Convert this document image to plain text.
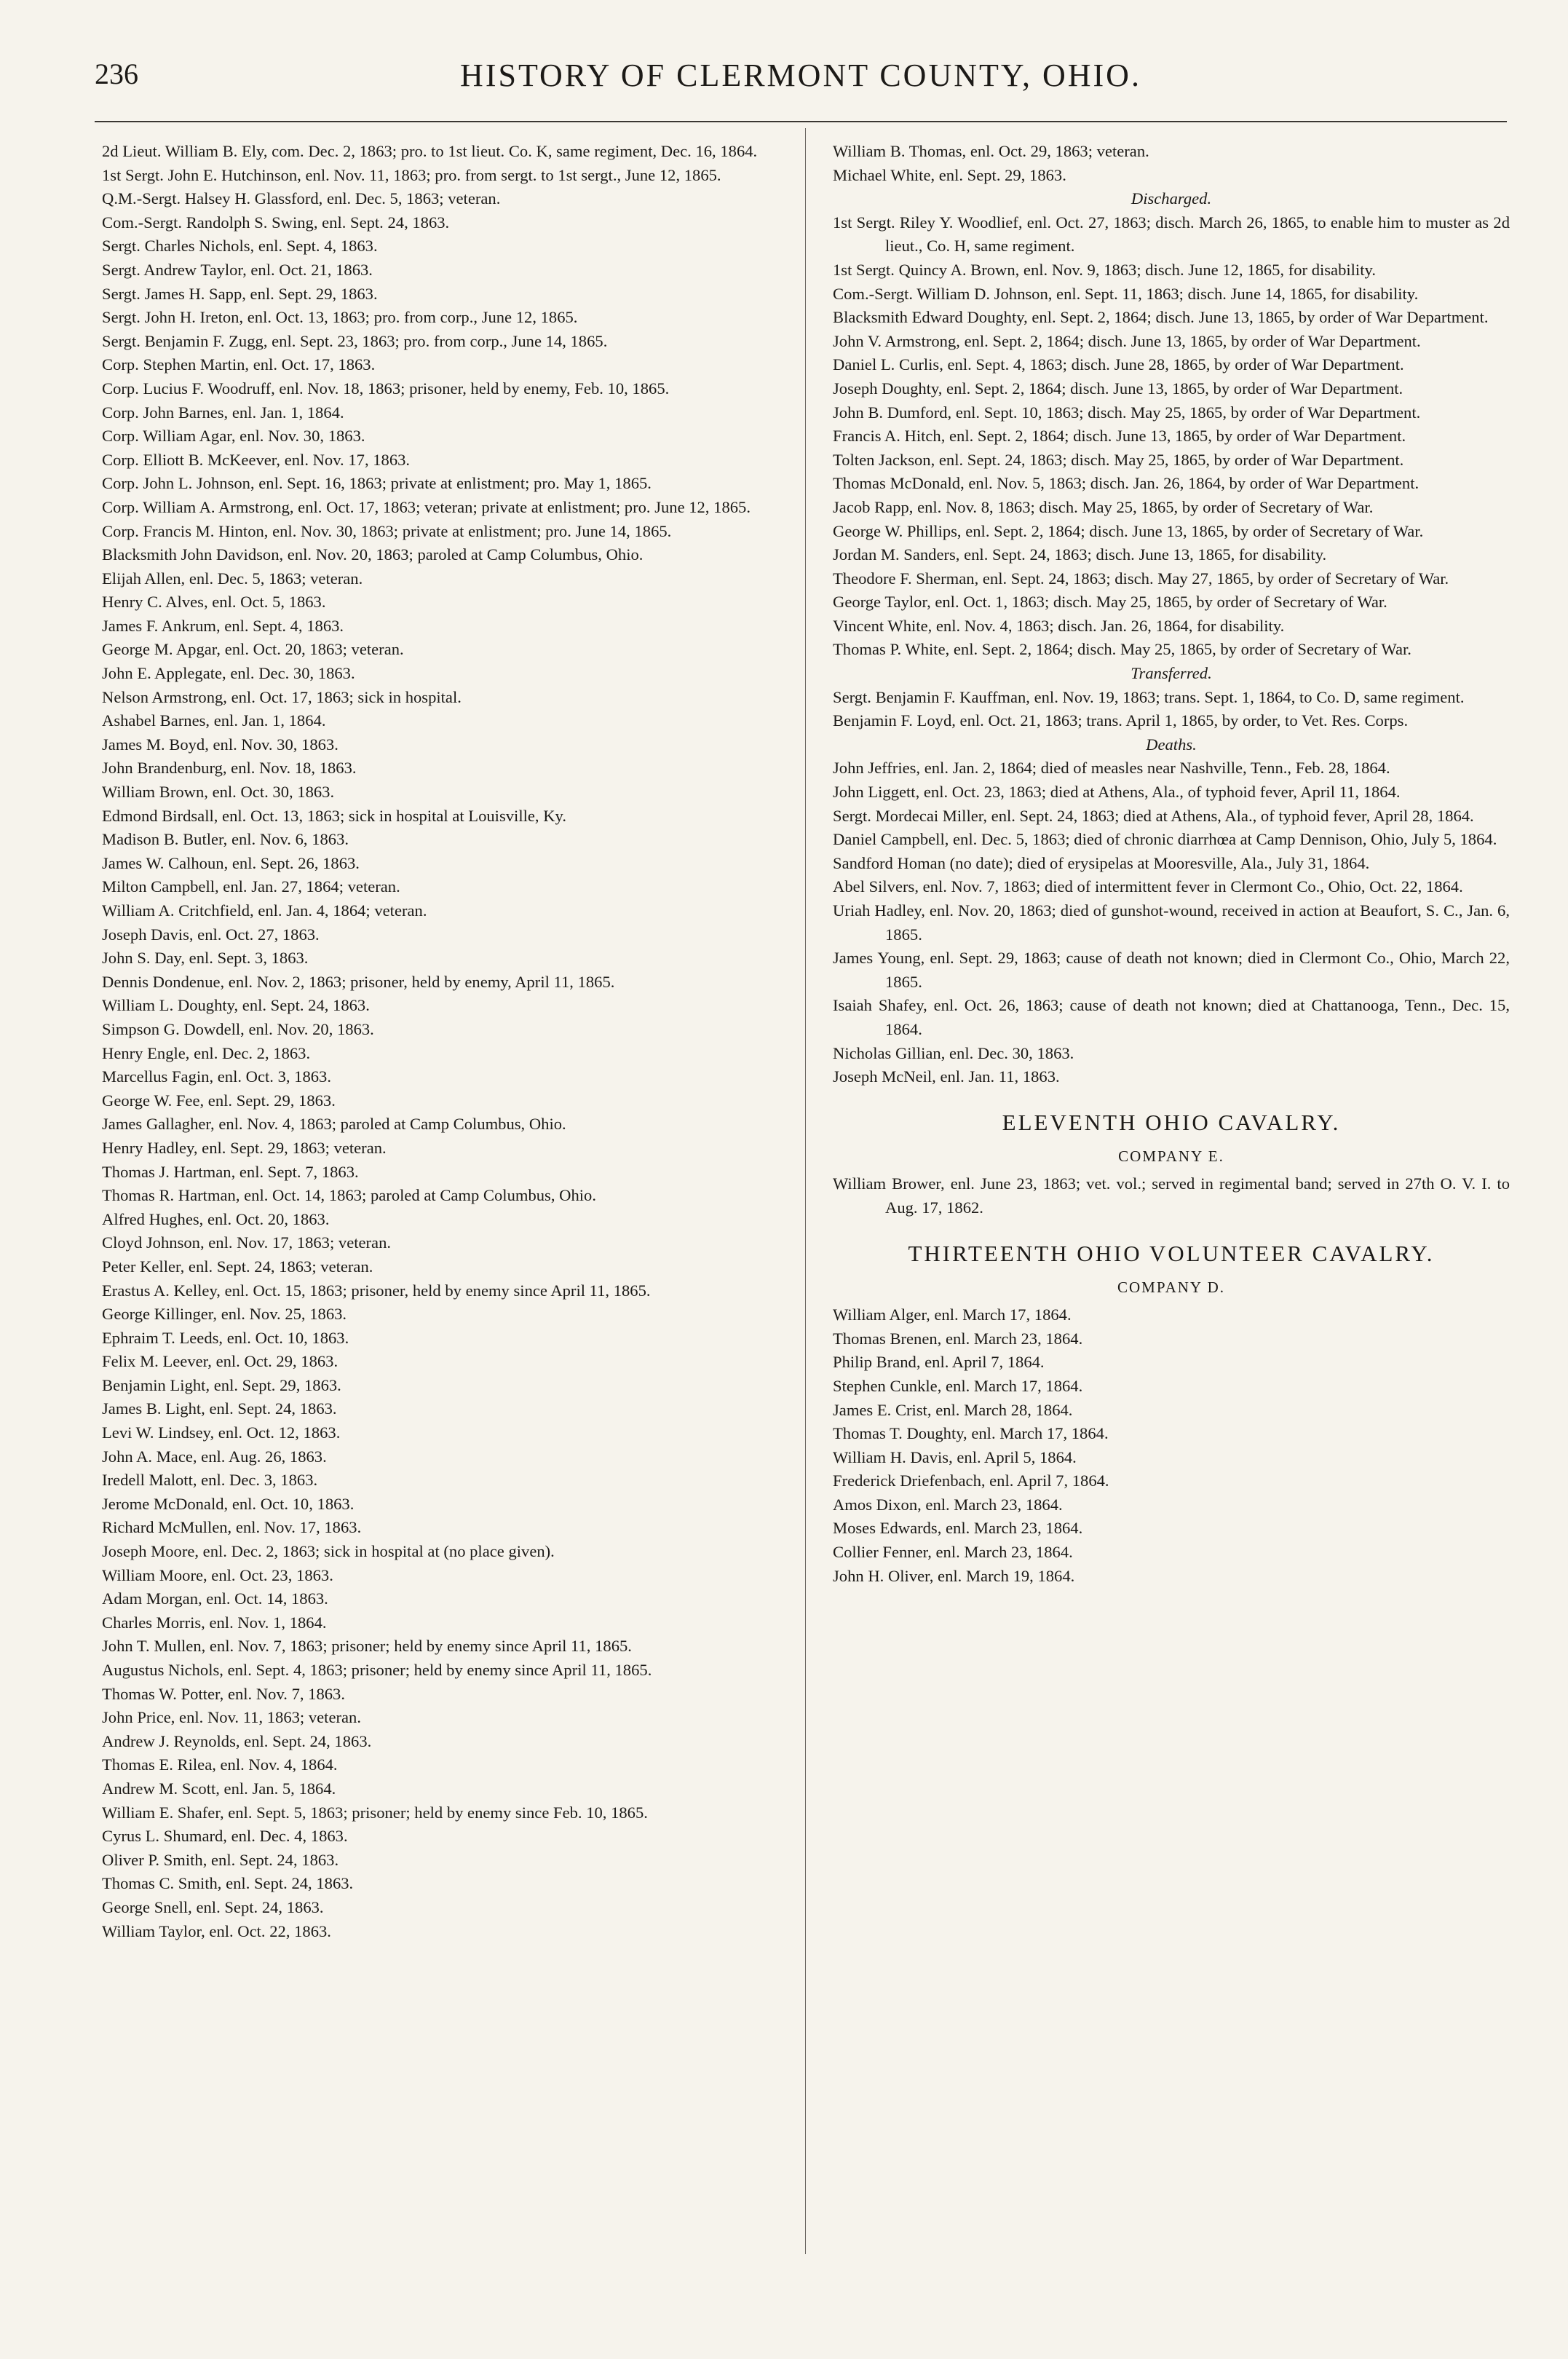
236	HISTORY OF CLERMONT COUNTY, OHIO.
2d Lieut. William B. Ely, com. Dec. 2, 1863; pro. to 1st lieut. Co. K, same regiment, Dec. 16, 1864.
1st Sergt. John E. Hutchinson, enl. Nov. 11, 1863; pro. from sergt. to 1st sergt., June 12, 1865.
Q.M.-Sergt. Halsey H. Glassford, enl. Dec. 5, 1863; veteran.
Com.-Sergt. Randolph S. Swing, enl. Sept. 24, 1863.
Sergt. Charles Nichols, enl. Sept. 4, 1863.
Sergt. Andrew Taylor, enl. Oct. 21, 1863.
Sergt. James H. Sapp, enl. Sept. 29, 1863.
Sergt. John H. Ireton, enl. Oct. 13, 1863; pro. from corp., June 12, 1865.
Sergt. Benjamin F. Zugg, enl. Sept. 23, 1863; pro. from corp., June 14, 1865.
Corp. Stephen Martin, enl. Oct. 17, 1863.
Corp. Lucius F. Woodruff, enl. Nov. 18, 1863; prisoner, held by enemy, Feb. 10, 1865.
Corp. John Barnes, enl. Jan. 1, 1864.
Corp. William Agar, enl. Nov. 30, 1863.
Corp. Elliott B. McKeever, enl. Nov. 17, 1863.
Corp. John L. Johnson, enl. Sept. 16, 1863; private at enlistment; pro. May 1, 1865.
Corp. William A. Armstrong, enl. Oct. 17, 1863; veteran; private at enlistment; pro. June 12, 1865.
Corp. Francis M. Hinton, enl. Nov. 30, 1863; private at enlistment; pro. June 14, 1865.
Blacksmith John Davidson, enl. Nov. 20, 1863; paroled at Camp Columbus, Ohio.
Elijah Allen, enl. Dec. 5, 1863; veteran.
Henry C. Alves, enl. Oct. 5, 1863.
James F. Ankrum, enl. Sept. 4, 1863.
George M. Apgar, enl. Oct. 20, 1863; veteran.
John E. Applegate, enl. Dec. 30, 1863.
Nelson Armstrong, enl. Oct. 17, 1863; sick in hospital.
Ashabel Barnes, enl. Jan. 1, 1864.
James M. Boyd, enl. Nov. 30, 1863.
John Brandenburg, enl. Nov. 18, 1863.
William Brown, enl. Oct. 30, 1863.
Edmond Birdsall, enl. Oct. 13, 1863; sick in hospital at Louisville, Ky.
Madison B. Butler, enl. Nov. 6, 1863.
James W. Calhoun, enl. Sept. 26, 1863.
Milton Campbell, enl. Jan. 27, 1864; veteran.
William A. Critchfield, enl. Jan. 4, 1864; veteran.
Joseph Davis, enl. Oct. 27, 1863.
John S. Day, enl. Sept. 3, 1863.
Dennis Dondenue, enl. Nov. 2, 1863; prisoner, held by enemy, April 11, 1865.
William L. Doughty, enl. Sept. 24, 1863.
Simpson G. Dowdell, enl. Nov. 20, 1863.
Henry Engle, enl. Dec. 2, 1863.
Marcellus Fagin, enl. Oct. 3, 1863.
George W. Fee, enl. Sept. 29, 1863.
James Gallagher, enl. Nov. 4, 1863; paroled at Camp Columbus, Ohio.
Henry Hadley, enl. Sept. 29, 1863; veteran.
Thomas J. Hartman, enl. Sept. 7, 1863.
Thomas R. Hartman, enl. Oct. 14, 1863; paroled at Camp Columbus, Ohio.
Alfred Hughes, enl. Oct. 20, 1863.
Cloyd Johnson, enl. Nov. 17, 1863; veteran.
Peter Keller, enl. Sept. 24, 1863; veteran.
Erastus A. Kelley, enl. Oct. 15, 1863; prisoner, held by enemy since April 11, 1865.
George Killinger, enl. Nov. 25, 1863.
Ephraim T. Leeds, enl. Oct. 10, 1863.
Felix M. Leever, enl. Oct. 29, 1863.
Benjamin Light, enl. Sept. 29, 1863.
James B. Light, enl. Sept. 24, 1863.
Levi W. Lindsey, enl. Oct. 12, 1863.
John A. Mace, enl. Aug. 26, 1863.
Iredell Malott, enl. Dec. 3, 1863.
Jerome McDonald, enl. Oct. 10, 1863.
Richard McMullen, enl. Nov. 17, 1863.
Joseph Moore, enl. Dec. 2, 1863; sick in hospital at (no place given).
William Moore, enl. Oct. 23, 1863.
Adam Morgan, enl. Oct. 14, 1863.
Charles Morris, enl. Nov. 1, 1864.
John T. Mullen, enl. Nov. 7, 1863; prisoner; held by enemy since April 11, 1865.
Augustus Nichols, enl. Sept. 4, 1863; prisoner; held by enemy since April 11, 1865.
Thomas W. Potter, enl. Nov. 7, 1863.
John Price, enl. Nov. 11, 1863; veteran.
Andrew J. Reynolds, enl. Sept. 24, 1863.
Thomas E. Rilea, enl. Nov. 4, 1864.
Andrew M. Scott, enl. Jan. 5, 1864.
William E. Shafer, enl. Sept. 5, 1863; prisoner; held by enemy since Feb. 10, 1865.
Cyrus L. Shumard, enl. Dec. 4, 1863.
Oliver P. Smith, enl. Sept. 24, 1863.
Thomas C. Smith, enl. Sept. 24, 1863.
George Snell, enl. Sept. 24, 1863.
William Taylor, enl. Oct. 22, 1863.
William B. Thomas, enl. Oct. 29, 1863; veteran.
Michael White, enl. Sept. 29, 1863.
Discharged.
1st Sergt. Riley Y. Woodlief, enl. Oct. 27, 1863; disch. March 26, 1865, to enable him to muster as 2d lieut., Co. H, same regiment.
1st Sergt. Quincy A. Brown, enl. Nov. 9, 1863; disch. June 12, 1865, for disability.
Com.-Sergt. William D. Johnson, enl. Sept. 11, 1863; disch. June 14, 1865, for disability.
Blacksmith Edward Doughty, enl. Sept. 2, 1864; disch. June 13, 1865, by order of War Department.
John V. Armstrong, enl. Sept. 2, 1864; disch. June 13, 1865, by order of War Department.
Daniel L. Curlis, enl. Sept. 4, 1863; disch. June 28, 1865, by order of War Department.
Joseph Doughty, enl. Sept. 2, 1864; disch. June 13, 1865, by order of War Department.
John B. Dumford, enl. Sept. 10, 1863; disch. May 25, 1865, by order of War Department.
Francis A. Hitch, enl. Sept. 2, 1864; disch. June 13, 1865, by order of War Department.
Tolten Jackson, enl. Sept. 24, 1863; disch. May 25, 1865, by order of War Department.
Thomas McDonald, enl. Nov. 5, 1863; disch. Jan. 26, 1864, by order of War Department.
Jacob Rapp, enl. Nov. 8, 1863; disch. May 25, 1865, by order of Secretary of War.
George W. Phillips, enl. Sept. 2, 1864; disch. June 13, 1865, by order of Secretary of War.
Jordan M. Sanders, enl. Sept. 24, 1863; disch. June 13, 1865, for disability.
Theodore F. Sherman, enl. Sept. 24, 1863; disch. May 27, 1865, by order of Secretary of War.
George Taylor, enl. Oct. 1, 1863; disch. May 25, 1865, by order of Secretary of War.
Vincent White, enl. Nov. 4, 1863; disch. Jan. 26, 1864, for disability.
Thomas P. White, enl. Sept. 2, 1864; disch. May 25, 1865, by order of Secretary of War.
Transferred.
Sergt. Benjamin F. Kauffman, enl. Nov. 19, 1863; trans. Sept. 1, 1864, to Co. D, same regiment.
Benjamin F. Loyd, enl. Oct. 21, 1863; trans. April 1, 1865, by order, to Vet. Res. Corps.
Deaths.
John Jeffries, enl. Jan. 2, 1864; died of measles near Nashville, Tenn., Feb. 28, 1864.
John Liggett, enl. Oct. 23, 1863; died at Athens, Ala., of typhoid fever, April 11, 1864.
Sergt. Mordecai Miller, enl. Sept. 24, 1863; died at Athens, Ala., of typhoid fever, April 28, 1864.
Daniel Campbell, enl. Dec. 5, 1863; died of chronic diarrhœa at Camp Dennison, Ohio, July 5, 1864.
Sandford Homan (no date); died of erysipelas at Mooresville, Ala., July 31, 1864.
Abel Silvers, enl. Nov. 7, 1863; died of intermittent fever in Clermont Co., Ohio, Oct. 22, 1864.
Uriah Hadley, enl. Nov. 20, 1863; died of gunshot-wound, received in action at Beaufort, S. C., Jan. 6, 1865.
James Young, enl. Sept. 29, 1863; cause of death not known; died in Clermont Co., Ohio, March 22, 1865.
Isaiah Shafey, enl. Oct. 26, 1863; cause of death not known; died at Chattanooga, Tenn., Dec. 15, 1864.
Nicholas Gillian, enl. Dec. 30, 1863.
Joseph McNeil, enl. Jan. 11, 1863.
ELEVENTH OHIO CAVALRY.
COMPANY E.
William Brower, enl. June 23, 1863; vet. vol.; served in regimental band; served in 27th O. V. I. to Aug. 17, 1862.
THIRTEENTH OHIO VOLUNTEER CAVALRY.
COMPANY D.
William Alger, enl. March 17, 1864.
Thomas Brenen, enl. March 23, 1864.
Philip Brand, enl. April 7, 1864.
Stephen Cunkle, enl. March 17, 1864.
James E. Crist, enl. March 28, 1864.
Thomas T. Doughty, enl. March 17, 1864.
William H. Davis, enl. April 5, 1864.
Frederick Driefenbach, enl. April 7, 1864.
Amos Dixon, enl. March 23, 1864.
Moses Edwards, enl. March 23, 1864.
Collier Fenner, enl. March 23, 1864.
John H. Oliver, enl. March 19, 1864.
